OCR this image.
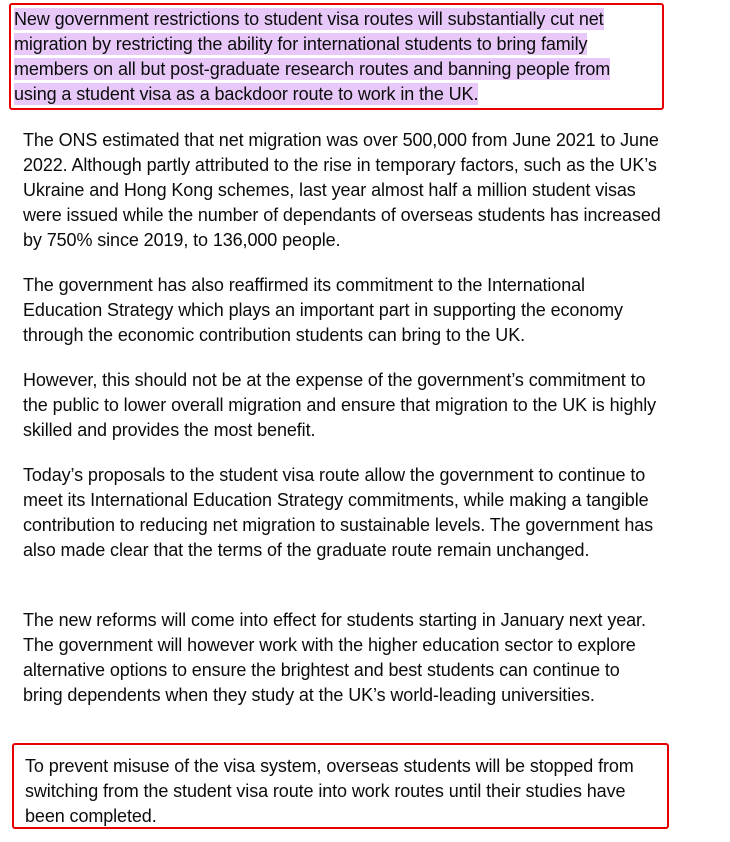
New government restrictions to student visa routes will substantially cut net migration by restricting the ability for international students to bring family members on all but post-graduate research routes and banning people from using a student visa as a backdoor route to work in the UK.

The ONS estimated that net migration was over 500,000 from June 2021 to June 2022. Although partly attributed to the rise in temporary factors, such as the UK’s Ukraine and Hong Kong schemes, last year almost half a million student visas were issued while the number of dependants of overseas students has increased by 750% since 2019, to 136,000 people.

The government has also reaffirmed its commitment to the International Education Strategy which plays an important part in supporting the economy through the economic contribution students can bring to the UK.

However, this should not be at the expense of the government’s commitment to the public to lower overall migration and ensure that migration to the UK is highly skilled and provides the most benefit.

Today’s proposals to the student visa route allow the government to continue to meet its International Education Strategy commitments, while making a tangible contribution to reducing net migration to sustainable levels. The government has also made clear that the terms of the graduate route remain unchanged.

The new reforms will come into effect for students starting in January next year. The government will however work with the higher education sector to explore alternative options to ensure the brightest and best students can continue to bring dependents when they study at the UK’s world-leading universities.

To prevent misuse of the visa system, overseas students will be stopped from switching from the student visa route into work routes until their studies have been completed.
